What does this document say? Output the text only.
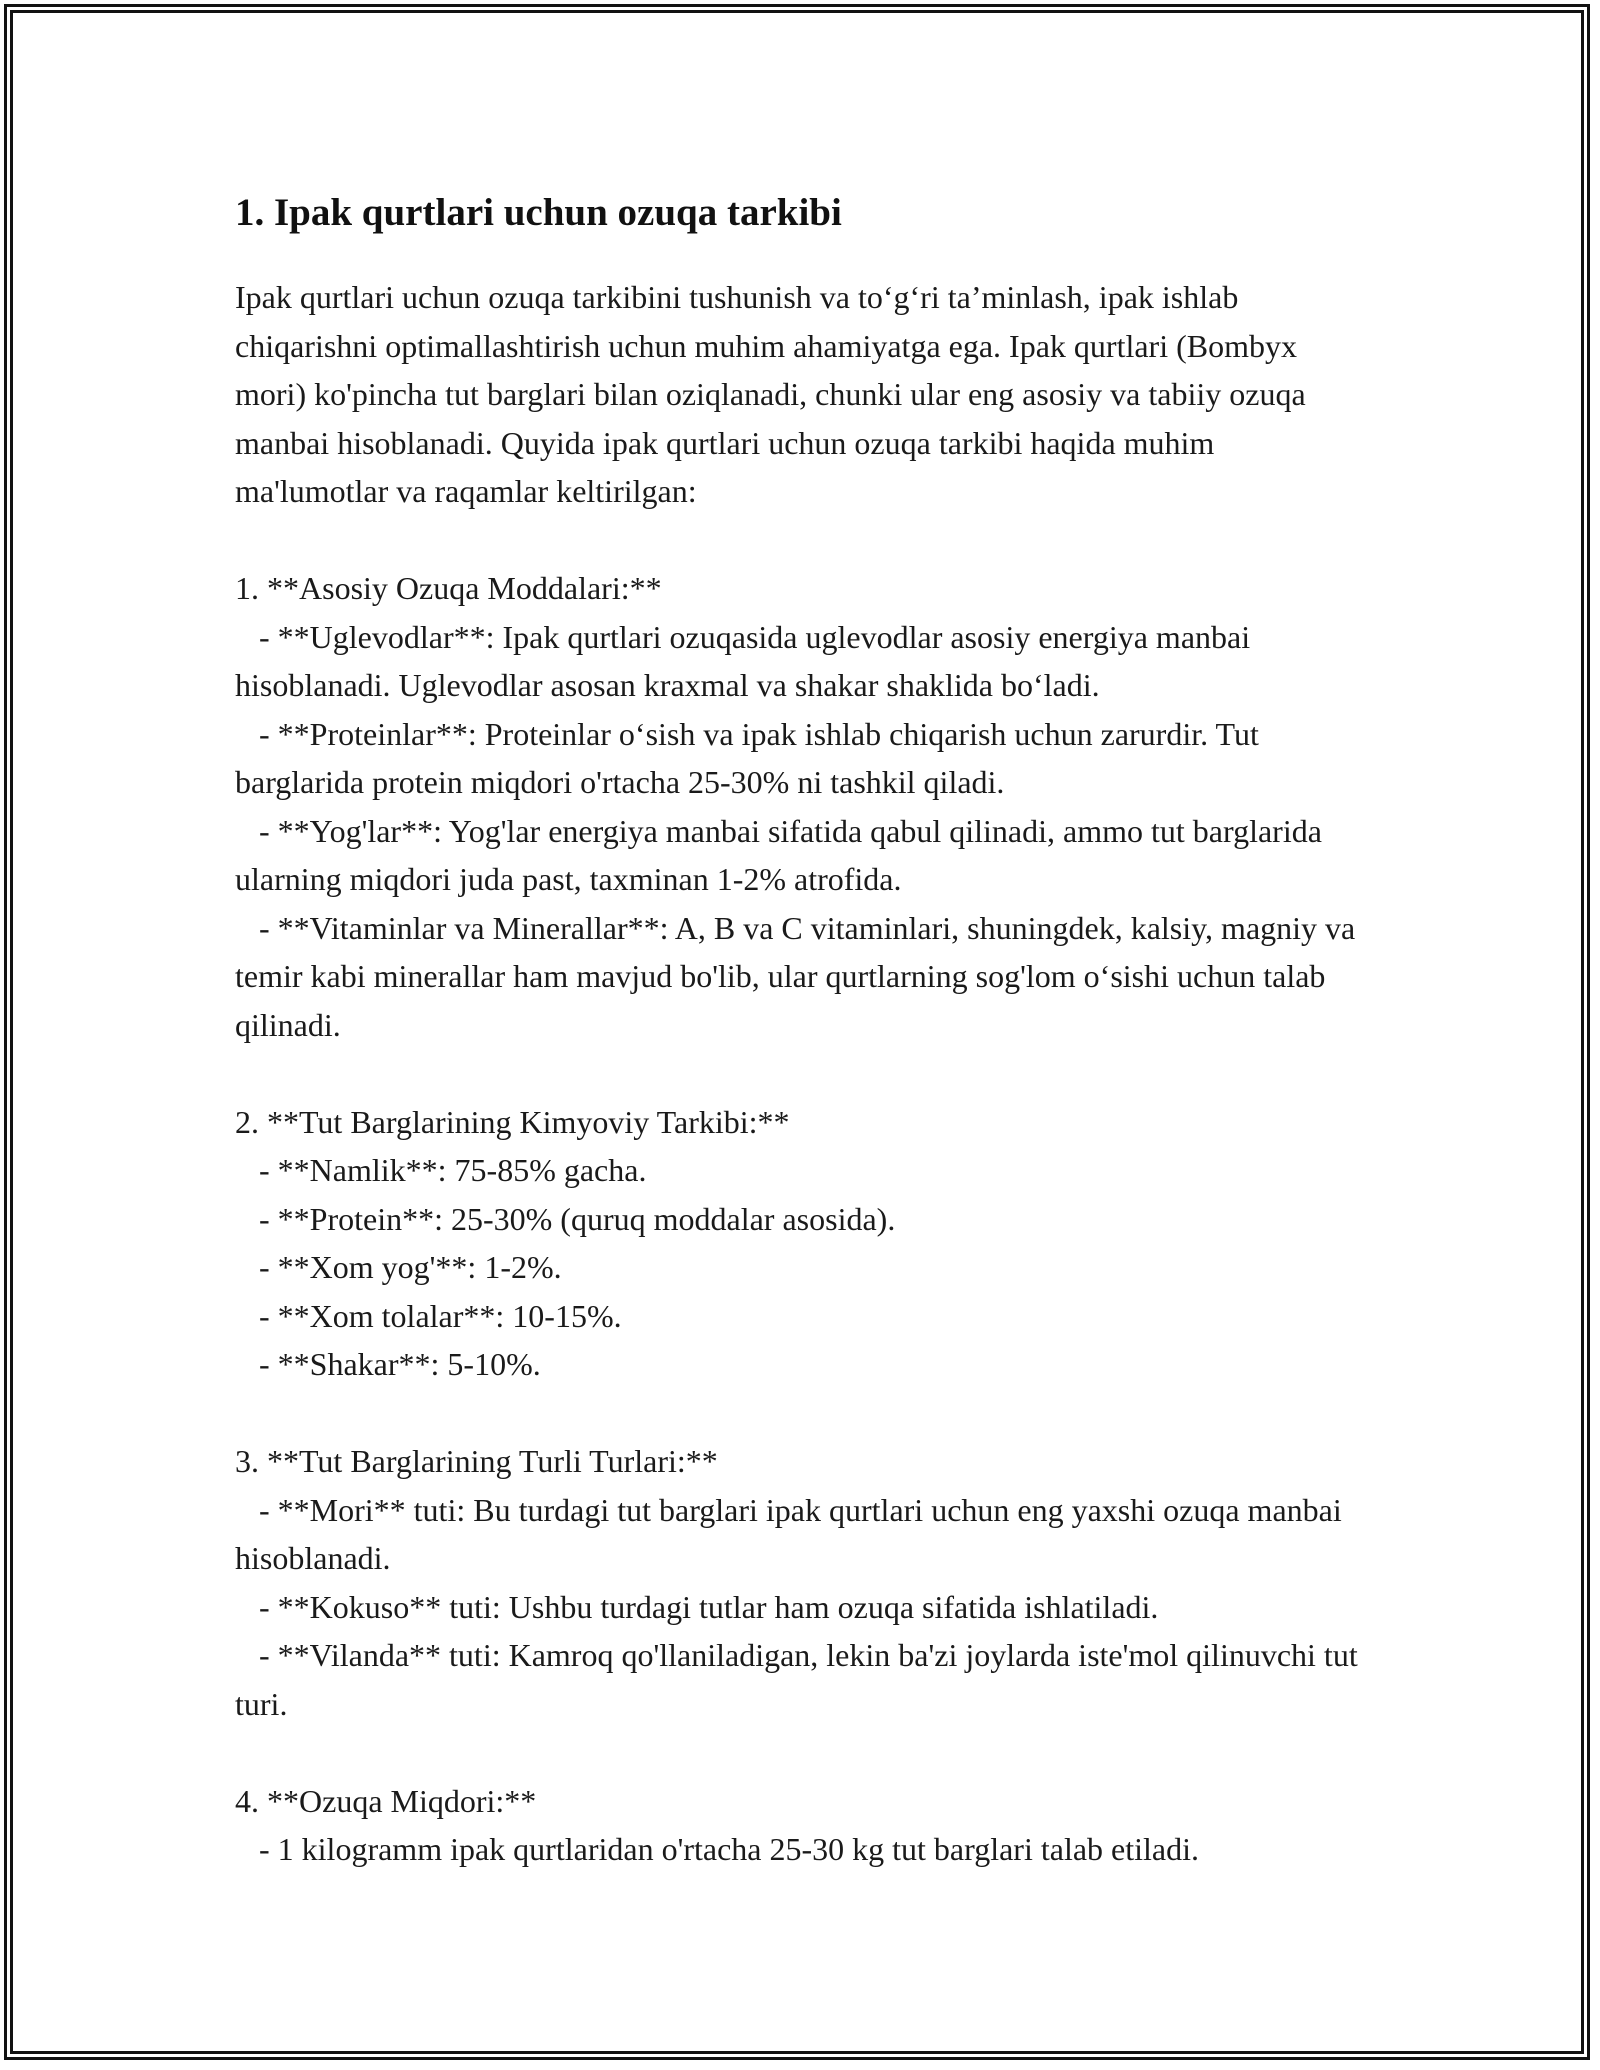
1. Ipak qurtlari uchun ozuqa tarkibi

Ipak qurtlari uchun ozuqa tarkibini tushunish va to‘g‘ri ta’minlash, ipak ishlab chiqarishni optimallashtirish uchun muhim ahamiyatga ega. Ipak qurtlari (Bombyx mori) ko'pincha tut barglari bilan oziqlanadi, chunki ular eng asosiy va tabiiy ozuqa manbai hisoblanadi. Quyida ipak qurtlari uchun ozuqa tarkibi haqida muhim ma'lumotlar va raqamlar keltirilgan:

1. **Asosiy Ozuqa Moddalari:**

- **Uglevodlar**: Ipak qurtlari ozuqasida uglevodlar asosiy energiya manbai hisoblanadi. Uglevodlar asosan kraxmal va shakar shaklida bo‘ladi.

- **Proteinlar**: Proteinlar o‘sish va ipak ishlab chiqarish uchun zarurdir. Tut barglarida protein miqdori o'rtacha 25-30% ni tashkil qiladi.

- **Yog'lar**: Yog'lar energiya manbai sifatida qabul qilinadi, ammo tut barglarida ularning miqdori juda past, taxminan 1-2% atrofida.

- **Vitaminlar va Minerallar**: A, B va C vitaminlari, shuningdek, kalsiy, magniy va temir kabi minerallar ham mavjud bo'lib, ular qurtlarning sog'lom o‘sishi uchun talab qilinadi.

2. **Tut Barglarining Kimyoviy Tarkibi:**

- **Namlik**: 75-85% gacha.

- **Protein**: 25-30% (quruq moddalar asosida).

- **Xom yog'**: 1-2%.

- **Xom tolalar**: 10-15%.

- **Shakar**: 5-10%.

3. **Tut Barglarining Turli Turlari:**

- **Mori** tuti: Bu turdagi tut barglari ipak qurtlari uchun eng yaxshi ozuqa manbai hisoblanadi.

- **Kokuso** tuti: Ushbu turdagi tutlar ham ozuqa sifatida ishlatiladi.

- **Vilanda** tuti: Kamroq qo'llaniladigan, lekin ba'zi joylarda iste'mol qilinuvchi tut turi.

4. **Ozuqa Miqdori:**

- 1 kilogramm ipak qurtlaridan o'rtacha 25-30 kg tut barglari talab etiladi.
